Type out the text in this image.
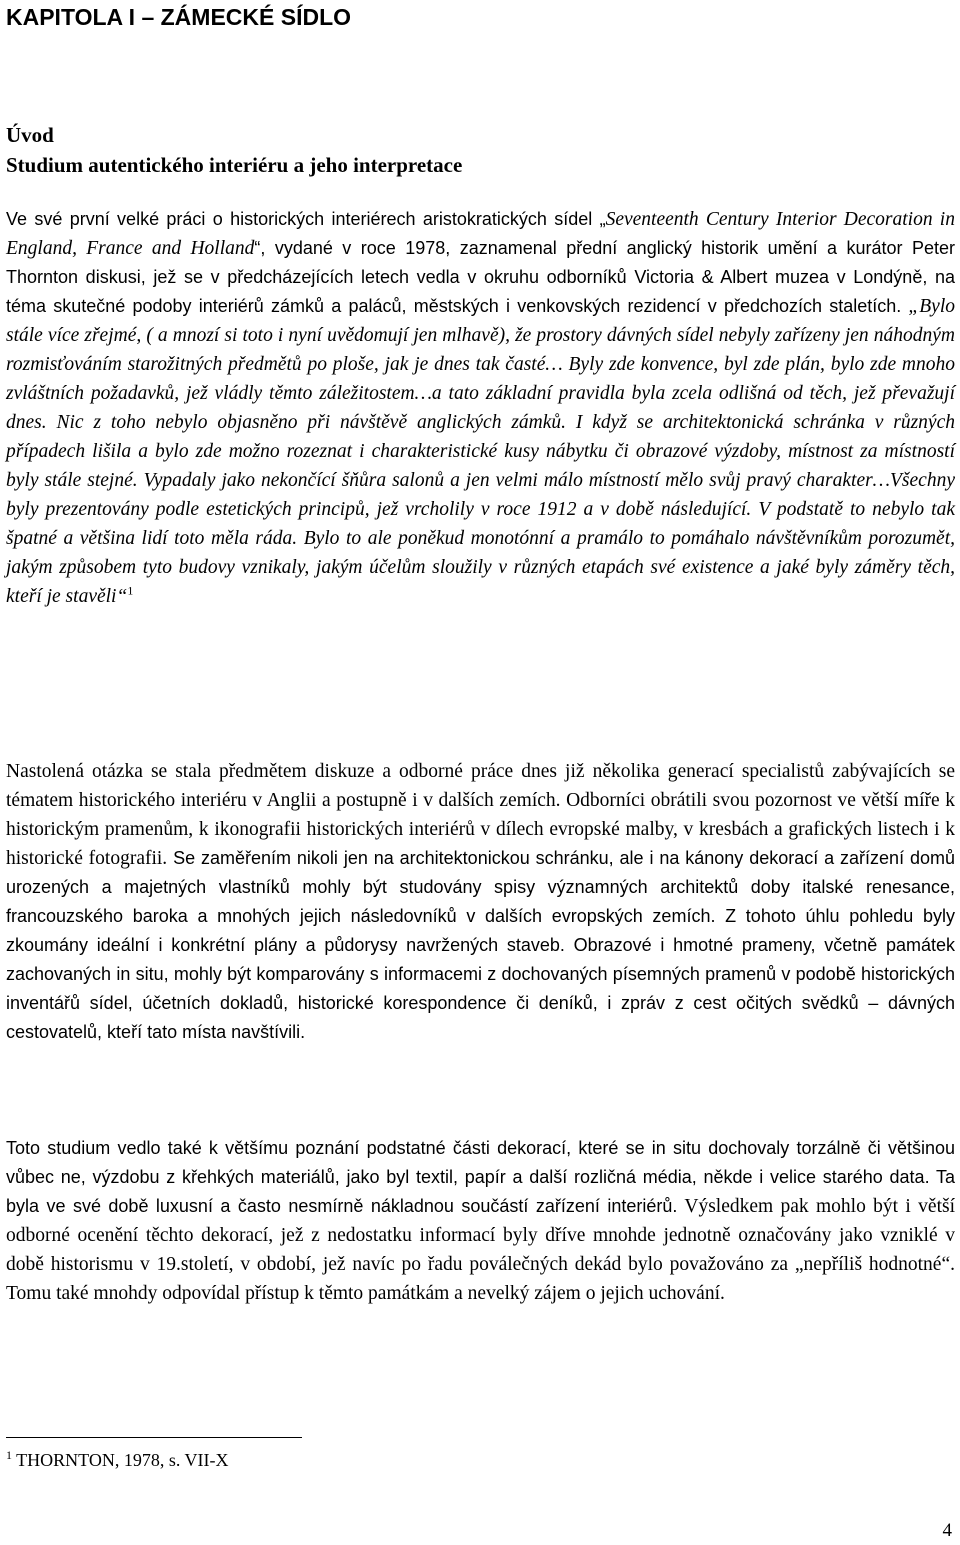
KAPITOLA I – ZÁMECKÉ SÍDLO
Úvod
Studium autentického interiéru a jeho interpretace

Ve své první velké práci o historických interiérech aristokratických sídel „Seventeenth Century Interior Decoration in England, France and Holland“, vydané v roce 1978, zaznamenal přední anglický historik umění a kurátor Peter Thornton diskusi, jež se v předcházejících letech vedla v okruhu odborníků Victoria & Albert muzea v Londýně, na téma skutečné podoby interiérů zámků a paláců, městských i venkovských rezidencí v předchozích staletích. „Bylo stále více zřejmé, ( a mnozí si toto i nyní uvědomují jen mlhavě), že prostory dávných sídel nebyly zařízeny jen náhodným rozmisťováním starožitných předmětů po ploše, jak je dnes tak časté… Byly zde konvence, byl zde plán, bylo zde mnoho zvláštních požadavků, jež vládly těmto záležitostem…a tato základní pravidla byla zcela odlišná od těch, jež převažují dnes. Nic z toho nebylo objasněno při návštěvě anglických zámků. I když se architektonická schránka v různých případech lišila a bylo zde možno rozeznat i charakteristické kusy nábytku či obrazové výzdoby, místnost za místností byly stále stejné. Vypadaly jako nekončící šňůra salonů a jen velmi málo místností mělo svůj pravý charakter…Všechny byly prezentovány podle estetických principů, jež vrcholily v roce 1912 a v době následující. V podstatě to nebylo tak špatné a většina lidí toto měla ráda. Bylo to ale poněkud monotónní a pramálo to pomáhalo návštěvníkům porozumět, jakým způsobem tyto budovy vznikaly, jakým účelům sloužily v různých etapách své existence a jaké byly záměry těch, kteří je stavěli“$^1$

Nastolená otázka se stala předmětem diskuze a odborné práce dnes již několika generací specialistů zabývajících se tématem historického interiéru v Anglii a postupně i v dalších zemích. Odborníci obrátili svou pozornost ve větší míře k historickým pramenům, k ikonografii historických interiérů v dílech evropské malby, v kresbách a grafických listech i k historické fotografii. Se zaměřením nikoli jen na architektonickou schránku, ale i na kánony dekorací a zařízení domů urozených a majetných vlastníků mohly být studovány spisy významných architektů doby italské renesance, francouzského baroka a mnohých jejich následovníků v dalších evropských zemích. Z tohoto úhlu pohledu byly zkoumány ideální i konkrétní plány a půdorysy navržených staveb. Obrazové i hmotné prameny, včetně památek zachovaných in situ, mohly být komparovány s informacemi z dochovaných písemných pramenů v podobě historických inventářů sídel, účetních dokladů, historické korespondence či deníků, i zpráv z cest očitých svědků – dávných cestovatelů, kteří tato místa navštívili.

Toto studium vedlo také k většímu poznání podstatné části dekorací, které se in situ dochovaly torzálně či většinou vůbec ne, výzdobu z křehkých materiálů, jako byl textil, papír a další rozličná média, někde i velice starého data. Ta byla ve své době luxusní a často nesmírně nákladnou součástí zařízení interiérů. Výsledkem pak mohlo být i větší odborné ocenění těchto dekorací, jež z nedostatku informací byly dříve mnohde jednotně označovány jako vzniklé v době historismu v 19.století, v období, jež navíc po řadu poválečných dekád bylo považováno za „nepříliš hodnotné“. Tomu také mnohdy odpovídal přístup k těmto památkám a nevelký zájem o jejich uchování.

$^1$ THORNTON, 1978, s. VII-X

4
